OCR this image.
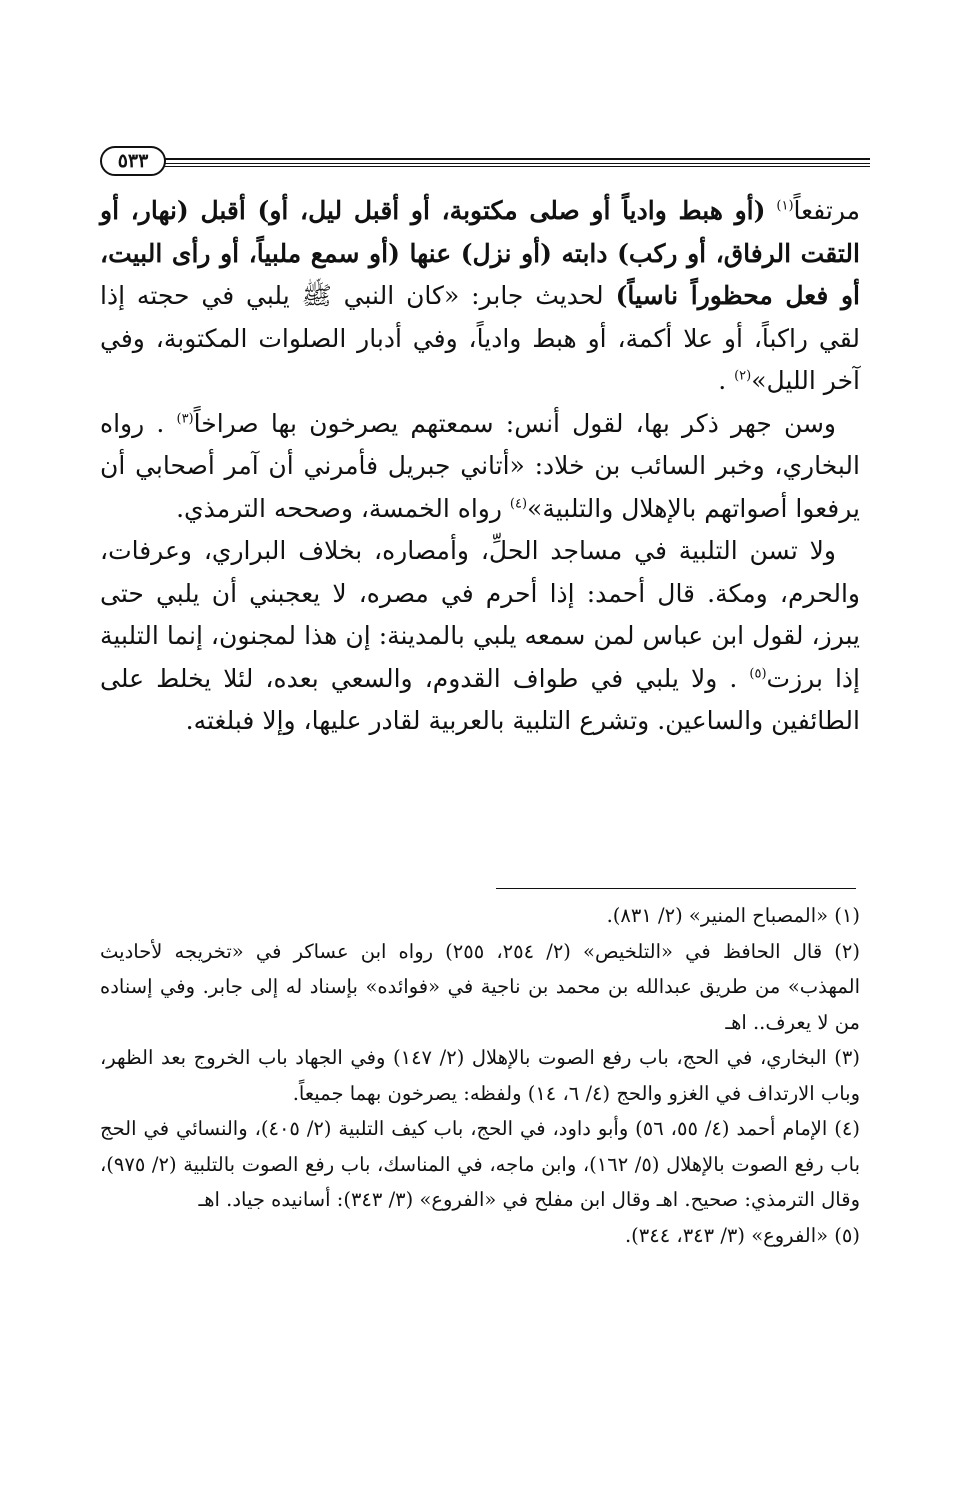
٥٣٣

مرتفعاً$^{(١)}$ (أو هبط وادياً أو صلى مكتوبة، أو أقبل ليل، أو) أقبل (نهار، أو التقت الرفاق، أو ركب) دابته (أو نزل) عنها (أو سمع ملبياً، أو رأى البيت، أو فعل محظوراً ناسياً) لحديث جابر: «كان النبي ﷺ يلبي في حجته إذا لقي راكباً، أو علا أكمة، أو هبط وادياً، وفي أدبار الصلوات المكتوبة، وفي آخر الليل»$^{(٢)}$ .

وسن جهر ذكر بها، لقول أنس: سمعتهم يصرخون بها صراخاً$^{(٣)}$ . رواه البخاري، وخبر السائب بن خلاد: «أتاني جبريل فأمرني أن آمر أصحابي أن يرفعوا أصواتهم بالإهلال والتلبية»$^{(٤)}$ رواه الخمسة، وصححه الترمذي.

ولا تسن التلبية في مساجد الحلِّ، وأمصاره، بخلاف البراري، وعرفات، والحرم، ومكة. قال أحمد: إذا أحرم في مصره، لا يعجبني أن يلبي حتى يبرز، لقول ابن عباس لمن سمعه يلبي بالمدينة: إن هذا لمجنون، إنما التلبية إذا برزت$^{(٥)}$ . ولا يلبي في طواف القدوم، والسعي بعده، لئلا يخلط على الطائفين والساعين. وتشرع التلبية بالعربية لقادر عليها، وإلا فبلغته.

(١) «المصباح المنير» (٢/ ٨٣١).

(٢) قال الحافظ في «التلخيص» (٢/ ٢٥٤، ٢٥٥) رواه ابن عساكر في «تخريجه لأحاديث المهذب» من طريق عبدالله بن محمد بن ناجية في «فوائده» بإسناد له إلى جابر. وفي إسناده من لا يعرف.. اهـ

(٣) البخاري، في الحج، باب رفع الصوت بالإهلال (٢/ ١٤٧) وفي الجهاد باب الخروج بعد الظهر، وباب الارتداف في الغزو والحج (٤/ ٦، ١٤) ولفظه: يصرخون بهما جميعاً.

(٤) الإمام أحمد (٤/ ٥٥، ٥٦) وأبو داود، في الحج، باب كيف التلبية (٢/ ٤٠٥)، والنسائي في الحج باب رفع الصوت بالإهلال (٥/ ١٦٢)، وابن ماجه، في المناسك، باب رفع الصوت بالتلبية (٢/ ٩٧٥)، وقال الترمذي: صحيح. اهـ وقال ابن مفلح في «الفروع» (٣/ ٣٤٣): أسانيده جياد. اهـ

(٥) «الفروع» (٣/ ٣٤٣، ٣٤٤).
